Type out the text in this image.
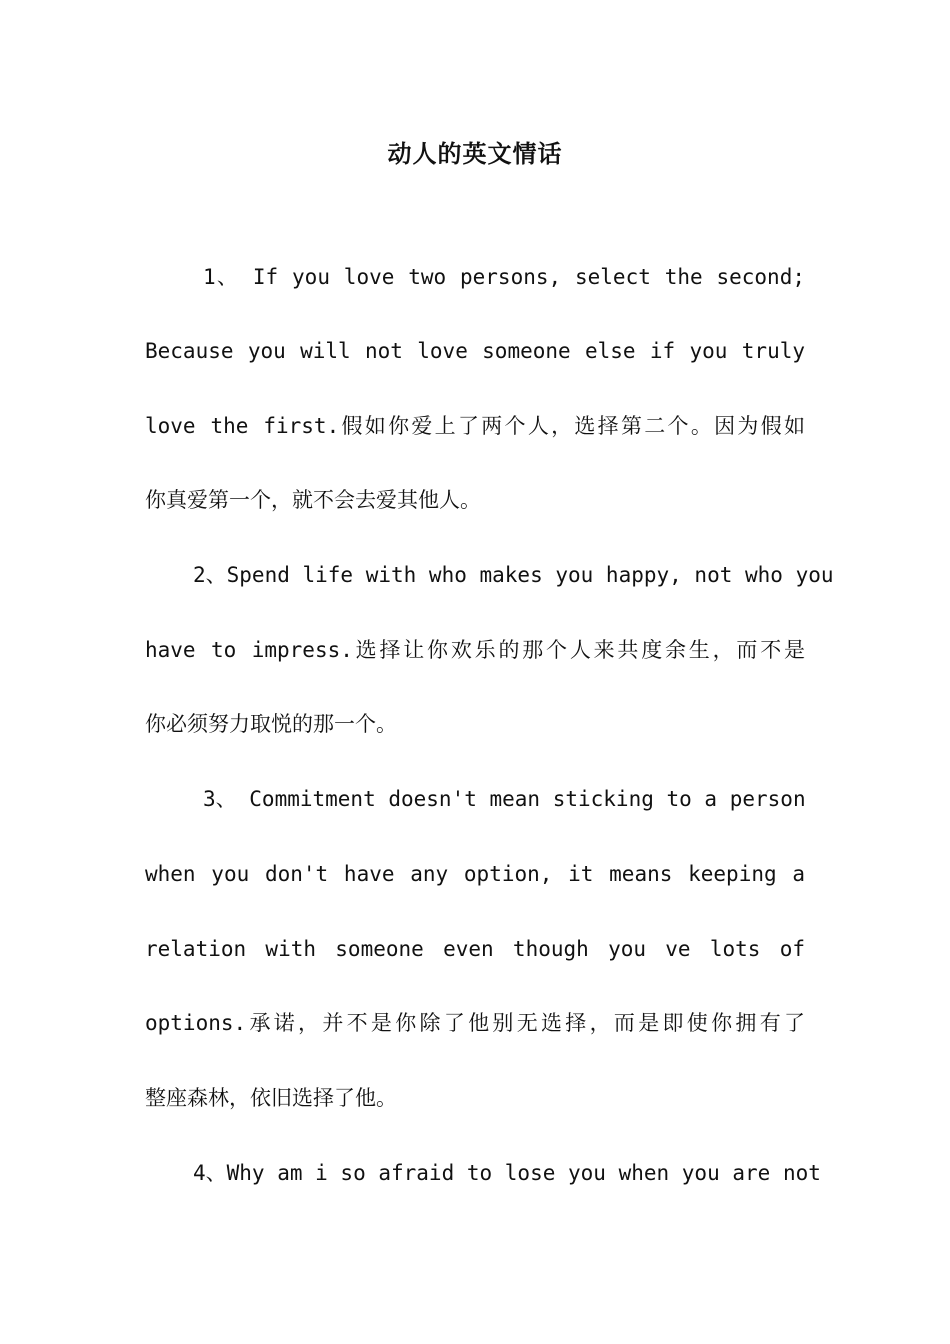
动人的英文情话
1、 If you love two persons, select the second;
Because you will not love someone else if you truly
love the first.假如你爱上了两个人，选择第二个。因为假如
你真爱第一个，就不会去爱其他人。
2、Spend life with who makes you happy, not who you
have to impress.选择让你欢乐的那个人来共度余生，而不是
你必须努力取悦的那一个。
3、 Commitment doesn't mean sticking to a person
when you don't have any option, it means keeping a
relation with someone even though you ve lots of
options.承诺，并不是你除了他别无选择，而是即使你拥有了
整座森林，依旧选择了他。
4、Why am i so afraid to lose you when you are not
